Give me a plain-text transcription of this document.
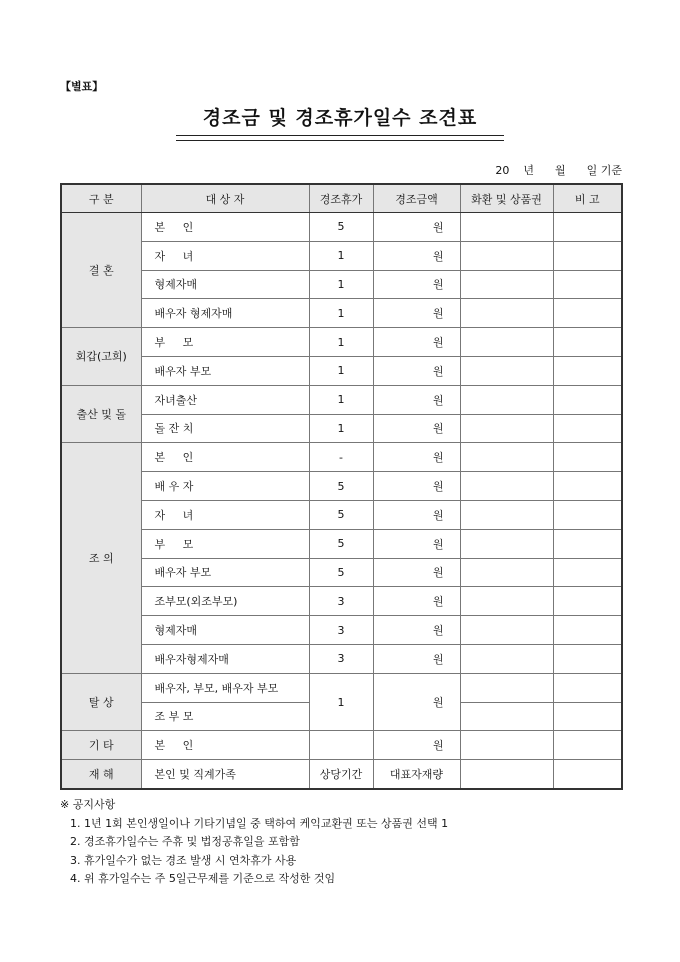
【별표】
경조금 및 경조휴가일수 조견표
20    년      월      일 기준
구 분	대 상 자	경조휴가	경조금액	화환 및 상품권	비 고
결 혼	본     인	5	원		
	자     녀	1	원		
	형제자매	1	원		
	배우자 형제자매	1	원		
회갑(고희)	부     모	1	원		
	배우자 부모	1	원		
출산 및 돌	자녀출산	1	원		
	돌 잔 치	1	원		
조 의	본     인	-	원		
	배 우 자	5	원		
	자     녀	5	원		
	부     모	5	원		
	배우자 부모	5	원		
	조부모(외조부모)	3	원		
	형제자매	3	원		
	배우자형제자매	3	원		
탈 상	배우자, 부모, 배우자 부모	1	원		
	조 부 모				
기 타	본     인		원		
재 해	본인 및 직계가족	상당기간	대표자재량		
※ 공지사항
1. 1년 1회 본인생일이나 기타기념일 중 택하여 케익교환권 또는 상품권 선택 1
2. 경조휴가일수는 주휴 및 법정공휴일을 포함함
3. 휴가일수가 없는 경조 발생 시 연차휴가 사용
4. 위 휴가일수는 주 5일근무제를 기준으로 작성한 것임
